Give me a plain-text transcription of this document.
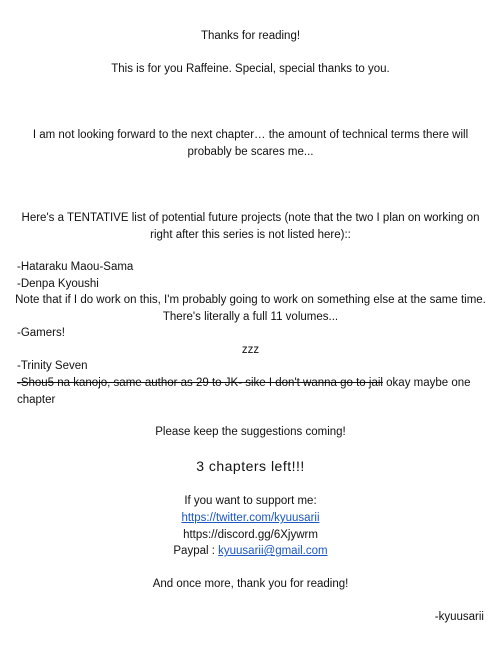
Thanks for reading!
This is for you Raffeine. Special, special thanks to you.
I am not looking forward to the next chapter… the amount of technical terms there will probably be scares me...
Here's a TENTATIVE list of potential future projects (note that the two I plan on working on right after this series is not listed here)::
-Hataraku Maou-Sama
-Denpa Kyoushi
Note that if I do work on this, I'm probably going to work on something else at the same time. There's literally a full 11 volumes...
-Gamers!
zzz
-Trinity Seven
-Shou5 na kanojo, same author as 29 to JK- sike I don't wanna go to jail okay maybe one chapter
Please keep the suggestions coming!
3 chapters left!!!
If you want to support me:
https://twitter.com/kyuusarii
https://discord.gg/6Xjywrm
Paypal : kyuusarii@gmail.com
And once more, thank you for reading!
-kyuusarii
